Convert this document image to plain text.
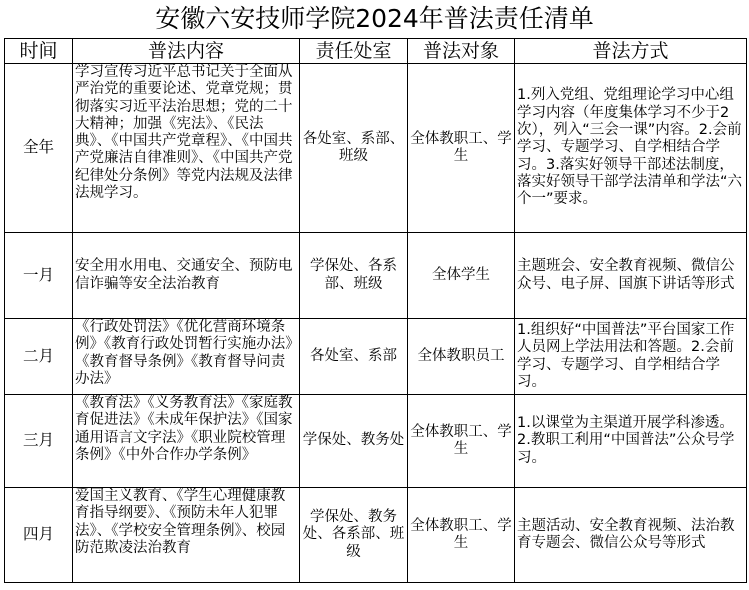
安徽六安技师学院2024年普法责任清单
时间	普法内容	责任处室	普法对象	普法方式
全年	学习宣传习近平总书记关于全面从严治党的重要论述、党章党规；贯彻落实习近平法治思想；党的二十大精神；加强《宪法》、《民法典》、《中国共产党章程》、《中国共产党廉洁自律准则》、《中国共产党纪律处分条例》等党内法规及法律法规学习。	各处室、系部、班级	全体教职工、学生	1.列入党组、党组理论学习中心组学习内容（年度集体学习不少于2次），列入“三会一课”内容。2.会前学习、专题学习、自学相结合学习。3.落实好领导干部述法制度，落实好领导干部学法清单和学法“六个一”要求。
一月	安全用水用电、交通安全、预防电信诈骗等安全法治教育	学保处、各系部、班级	全体学生	主题班会、安全教育视频、微信公众号、电子屏、国旗下讲话等形式
二月	《行政处罚法》《优化营商环境条例》《教育行政处罚暂行实施办法》《教育督导条例》《教育督导问责办法》	各处室、系部	全体教职员工	1.组织好“中国普法”平台国家工作人员网上学法用法和答题。2.会前学习、专题学习、自学相结合学习。
三月	《教育法》《义务教育法》《家庭教育促进法》《未成年保护法》《国家通用语言文字法》《职业院校管理条例》《中外合作办学条例》	学保处、教务处	全体教职工、学生	1.以课堂为主渠道开展学科渗透。2.教职工利用“中国普法”公众号学习。
四月	爱国主义教育、《学生心理健康教育指导纲要》、《预防未年人犯罪法》、《学校安全管理条例》、校园防范欺凌法治教育	学保处、教务处、各系部、班级	全体教职工、学生	主题活动、安全教育视频、法治教育专题会、微信公众号等形式
